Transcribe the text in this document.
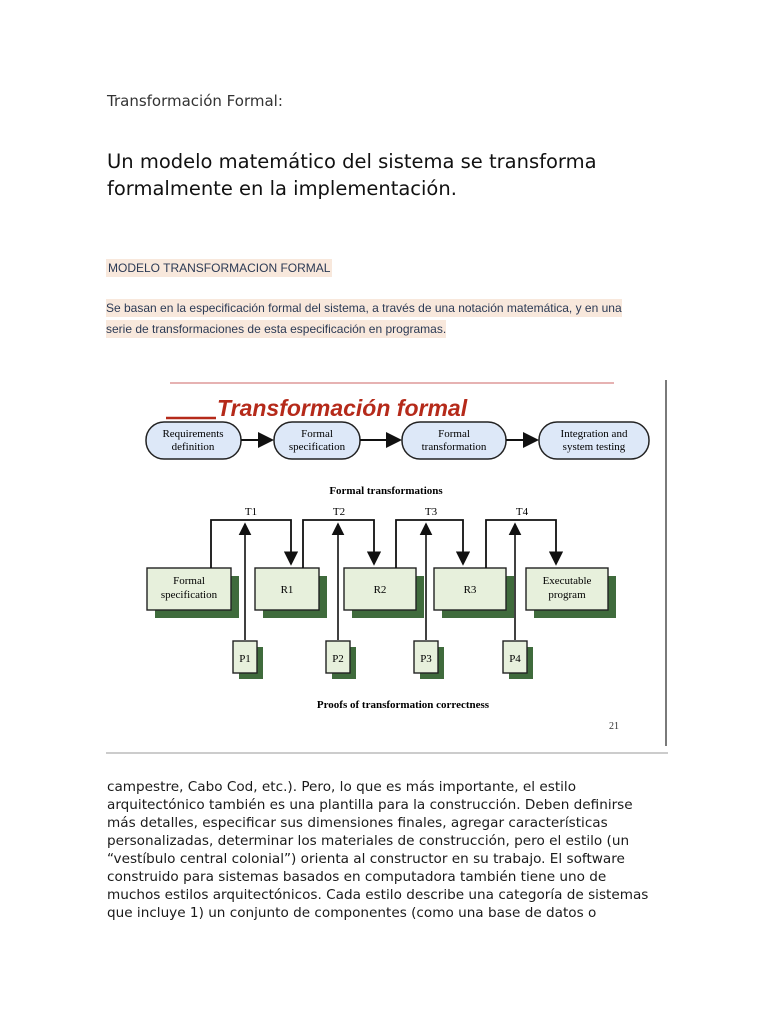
Transformación Formal:
Un modelo matemático del sistema se transforma formalmente en la implementación.
MODELO TRANSFORMACION FORMAL
Se basan en la especificación formal del sistema, a través de una notación matemática, y en una
serie de transformaciones de esta especificación en programas.
Transformación formal
Requirements
definition
Formal
specification
Formal
transformation
Integration and
system testing
Formal transformations
T1	T2	T3	T4
Formal
specification	R1	R2	R3
Executable
program
P1	P2	P3	P4
Proofs of transformation correctness
21
campestre, Cabo Cod, etc.). Pero, lo que es más importante, el estilo
arquitectónico también es una plantilla para la construcción. Deben definirse
más detalles, especificar sus dimensiones finales, agregar características
personalizadas, determinar los materiales de construcción, pero el estilo (un
“vestíbulo central colonial”) orienta al constructor en su trabajo. El software
construido para sistemas basados en computadora también tiene uno de
muchos estilos arquitectónicos. Cada estilo describe una categoría de sistemas
que incluye 1) un conjunto de componentes (como una base de datos o
